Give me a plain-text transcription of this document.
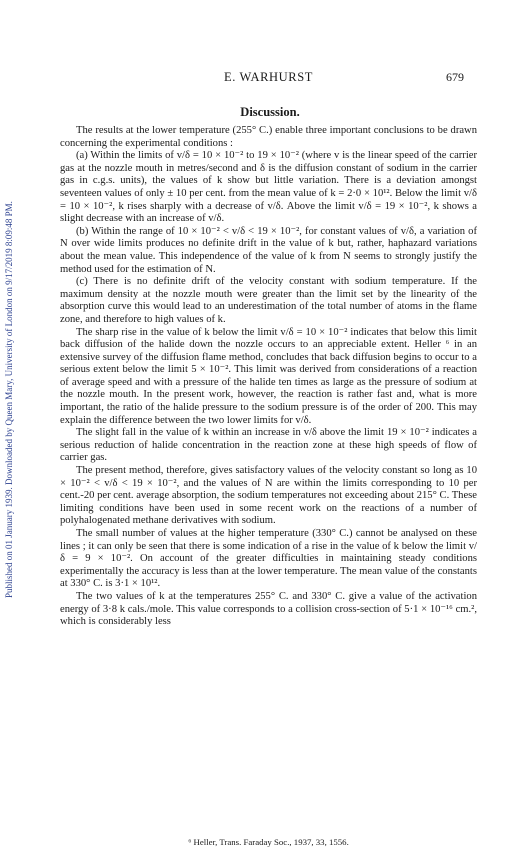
Published on 01 January 1939. Downloaded by Queen Mary, University of London on 9/17/2019 8:09:48 PM.
E. WARHURST	679
Discussion.

The results at the lower temperature (255° C.) enable three important conclusions to be drawn concerning the experimental conditions :

(a) Within the limits of v/δ = 10 × 10⁻² to 19 × 10⁻² (where v is the linear speed of the carrier gas at the nozzle mouth in metres/second and δ is the diffusion constant of sodium in the carrier gas in c.g.s. units), the values of k show but little variation. There is a deviation amongst seventeen values of only ± 10 per cent. from the mean value of k = 2·0 × 10¹². Below the limit v/δ = 10 × 10⁻², k rises sharply with a decrease of v/δ. Above the limit v/δ = 19 × 10⁻², k shows a slight decrease with an increase of v/δ.

(b) Within the range of 10 × 10⁻² < v/δ < 19 × 10⁻², for constant values of v/δ, a variation of N over wide limits produces no definite drift in the value of k but, rather, haphazard variations about the mean value. This independence of the value of k from N seems to strongly justify the method used for the estimation of N.

(c) There is no definite drift of the velocity constant with sodium temperature. If the maximum density at the nozzle mouth were greater than the limit set by the linearity of the absorption curve this would lead to an underestimation of the total number of atoms in the flame zone, and therefore to high values of k.

The sharp rise in the value of k below the limit v/δ = 10 × 10⁻² indicates that below this limit back diffusion of the halide down the nozzle occurs to an appreciable extent. Heller ⁶ in an extensive survey of the diffusion flame method, concludes that back diffusion begins to occur to a serious extent below the limit 5 × 10⁻². This limit was derived from considerations of a reaction of average speed and with a pressure of the halide ten times as large as the pressure of sodium at the nozzle mouth. In the present work, however, the reaction is rather fast and, what is more important, the ratio of the halide pressure to the sodium pressure is of the order of 200. This may explain the difference between the two lower limits for v/δ.

The slight fall in the value of k within an increase in v/δ above the limit 19 × 10⁻² indicates a serious reduction of halide concentration in the reaction zone at these high speeds of flow of carrier gas.

The present method, therefore, gives satisfactory values of the velocity constant so long as 10 × 10⁻² < v/δ < 19 × 10⁻², and the values of N are within the limits corresponding to 10 per cent.-20 per cent. average absorption, the sodium temperatures not exceeding about 215° C. These limiting conditions have been used in some recent work on the reactions of a number of polyhalogenated methane derivatives with sodium.

The small number of values at the higher temperature (330° C.) cannot be analysed on these lines ; it can only be seen that there is some indication of a rise in the value of k below the limit v/δ = 9 × 10⁻². On account of the greater difficulties in maintaining steady conditions experimentally the accuracy is less than at the lower temperature. The mean value of the constants at 330° C. is 3·1 × 10¹².

The two values of k at the temperatures 255° C. and 330° C. give a value of the activation energy of 3·8 k cals./mole. This value corresponds to a collision cross-section of 5·1 × 10⁻¹⁶ cm.², which is considerably less

⁶ Heller, Trans. Faraday Soc., 1937, 33, 1556.
